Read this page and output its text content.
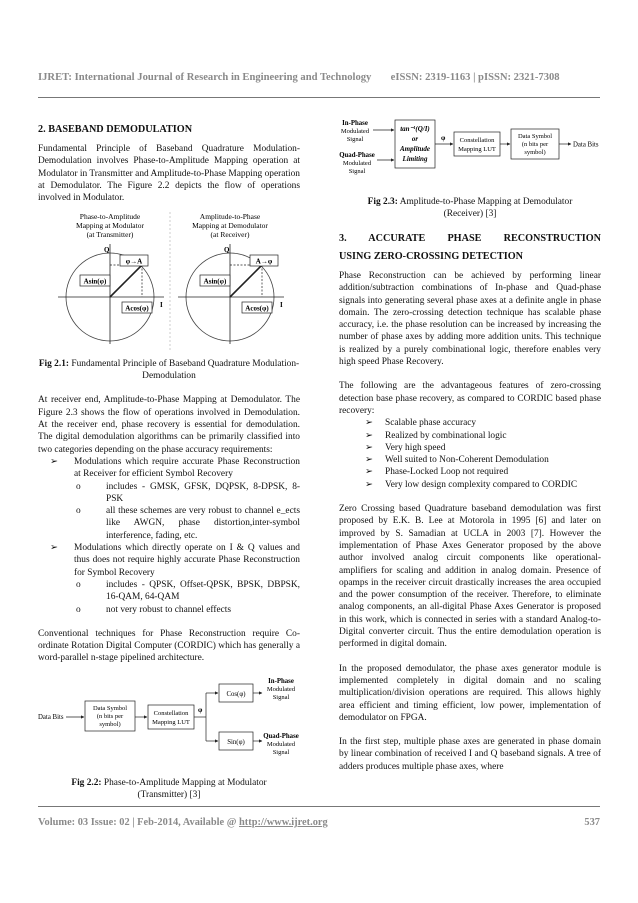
IJRET: International Journal of Research in Engineering and Technology eISSN: 2319-1163 | pISSN: 2321-7308
2. BASEBAND DEMODULATION

Fundamental Principle of Baseband Quadrature Modulation-Demodulation involves Phase-to-Amplitude Mapping operation at Modulator in Transmitter and Amplitude-to-Phase Mapping operation at Demodulator. The Figure 2.2 depicts the flow of operations involved in Modulator.

Phase-to-Amplitude
Mapping at Modulator
(at Transmitter)
φ→A
Q
I
Asin(φ)
Acos(φ)
Amplitude-to-Phase
Mapping at Demodulator
(at Receiver)
A→φ
Q
I
Asin(φ)
Acos(φ)
Fig 2.1: Fundamental Principle of Baseband Quadrature Modulation-Demodulation

At receiver end, Amplitude-to-Phase Mapping at Demodulator. The Figure 2.3 shows the flow of operations involved in Demodulation. At the receiver end, phase recovery is essential for demodulation. The digital demodulation algorithms can be primarily classified into two categories depending on the phase accuracy requirements:

➢	Modulations which require accurate Phase Reconstruction at Receiver for efficient Symbol Recovery
o	includes - GMSK, GFSK, DQPSK, 8-DPSK, 8-PSK
o	all these schemes are very robust to channel e_ects like AWGN, phase distortion,inter-symbol interference, fading, etc.
➢	Modulations which directly operate on I & Q values and thus does not require highly accurate Phase Reconstruction for Symbol Recovery
o	includes - QPSK, Offset-QPSK, BPSK, DBPSK, 16-QAM, 64-QAM
o	not very robust to channel effects

Conventional techniques for Phase Reconstruction require Co-ordinate Rotation Digital Computer (CORDIC) which has generally a word-parallel n-stage pipelined architecture.

Data Bits
Data Symbol
(n bits per
symbol)
Constellation
Mapping LUT
φ
Cos(φ)
Sin(φ)
In-Phase
Modulated
Signal
Quad-Phase
Modulated
Signal
Fig 2.2: Phase-to-Amplitude Mapping at Modulator (Transmitter) [3]
In-Phase
Modulated
Signal
Quad-Phase
Modulated
Signal
tan⁻¹(Q/I)
or
Amplitude
Limiting
φ Constellation
Mapping LUT
Data Symbol
(n bits per
symbol)
Data Bits
Fig 2.3: Amplitude-to-Phase Mapping at Demodulator (Receiver) [3]
3. ACCURATE PHASE RECONSTRUCTION
USING ZERO-CROSSING DETECTION

Phase Reconstruction can be achieved by performing linear addition/subtraction combinations of In-phase and Quad-phase signals into generating several phase axes at a definite angle in phase domain. The zero-crossing detection technique has scalable phase accuracy, i.e. the phase resolution can be increased by increasing the number of phase axes by adding more addition units. This technique is realized by a purely combinational logic, therefore enables very high speed Phase Recovery.

The following are the advantageous features of zero-crossing detection base phase recovery, as compared to CORDIC based phase recovery:

➢	Scalable phase accuracy
➢	Realized by combinational logic
➢	Very high speed
➢	Well suited to Non-Coherent Demodulation
➢	Phase-Locked Loop not required
➢	Very low design complexity compared to CORDIC

Zero Crossing based Quadrature baseband demodulation was first proposed by E.K. B. Lee at Motorola in 1995 [6] and later on improved by S. Samadian at UCLA in 2003 [7]. However the implementation of Phase Axes Generator proposed by the above author involved analog circuit components like operational-amplifiers for scaling and addition in analog domain. Presence of opamps in the receiver circuit drastically increases the area occupied and the power consumption of the receiver. Therefore, to eliminate analog components, an all-digital Phase Axes Generator is proposed in this work, which is connected in series with a standard Analog-to-Digital converter circuit. Thus the entire demodulation operation is performed in digital domain.

In the proposed demodulator, the phase axes generator module is implemented completely in digital domain and no scaling multiplication/division operations are required. This allows highly area efficient and timing efficient, low power, implementation of demodulator on FPGA.

In the first step, multiple phase axes are generated in phase domain by linear combination of received I and Q baseband signals. A tree of adders produces multiple phase axes, where

Volume: 03 Issue: 02 | Feb-2014, Available @ http://www.ijret.org	537
